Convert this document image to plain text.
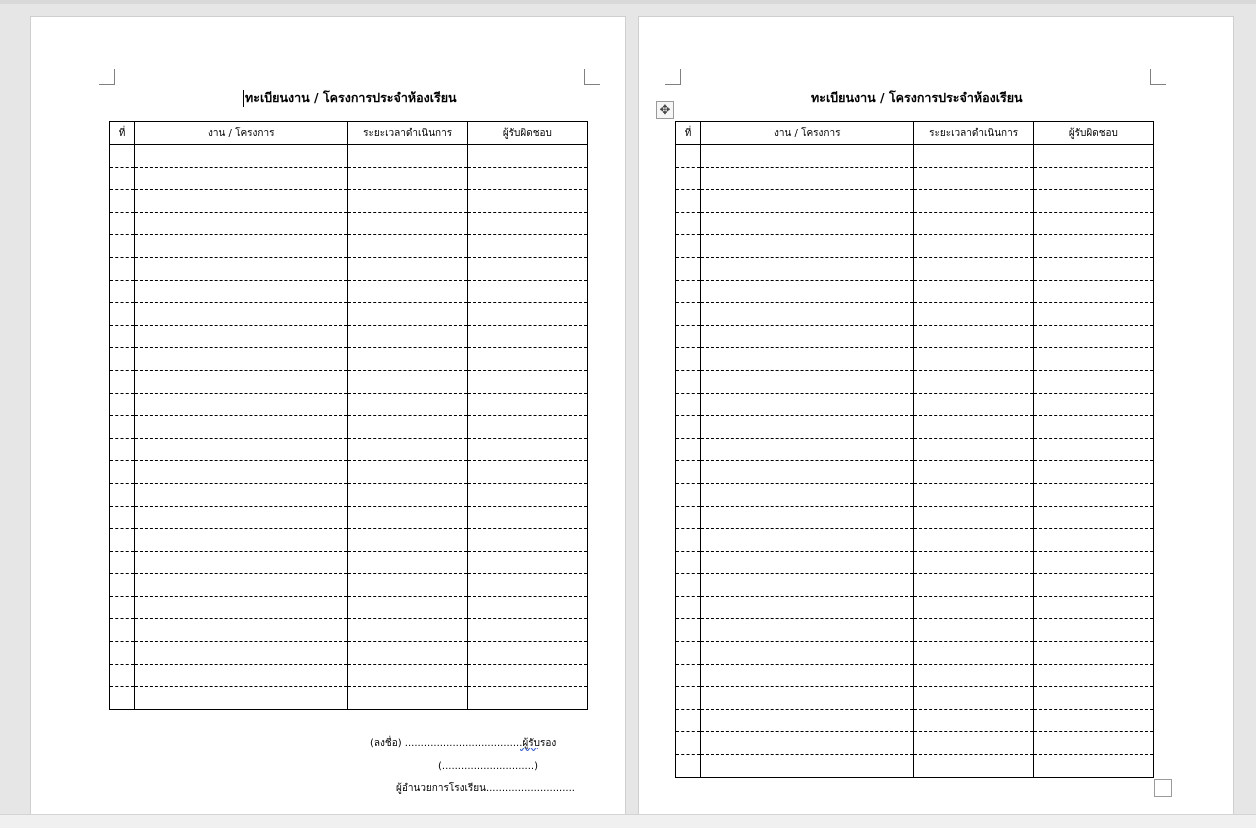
ทะเบียนงาน / โครงการประจำห้องเรียน
ที่	งาน / โครงการ	ระยะเวลาดำเนินการ	ผู้รับผิดชอบ

(ลงชื่อ) .....................................ผู้รับรอง
(.............................)
ผู้อำนวยการโรงเรียน............................
ทะเบียนงาน / โครงการประจำห้องเรียน
✥
ที่	งาน / โครงการ	ระยะเวลาดำเนินการ	ผู้รับผิดชอบ
